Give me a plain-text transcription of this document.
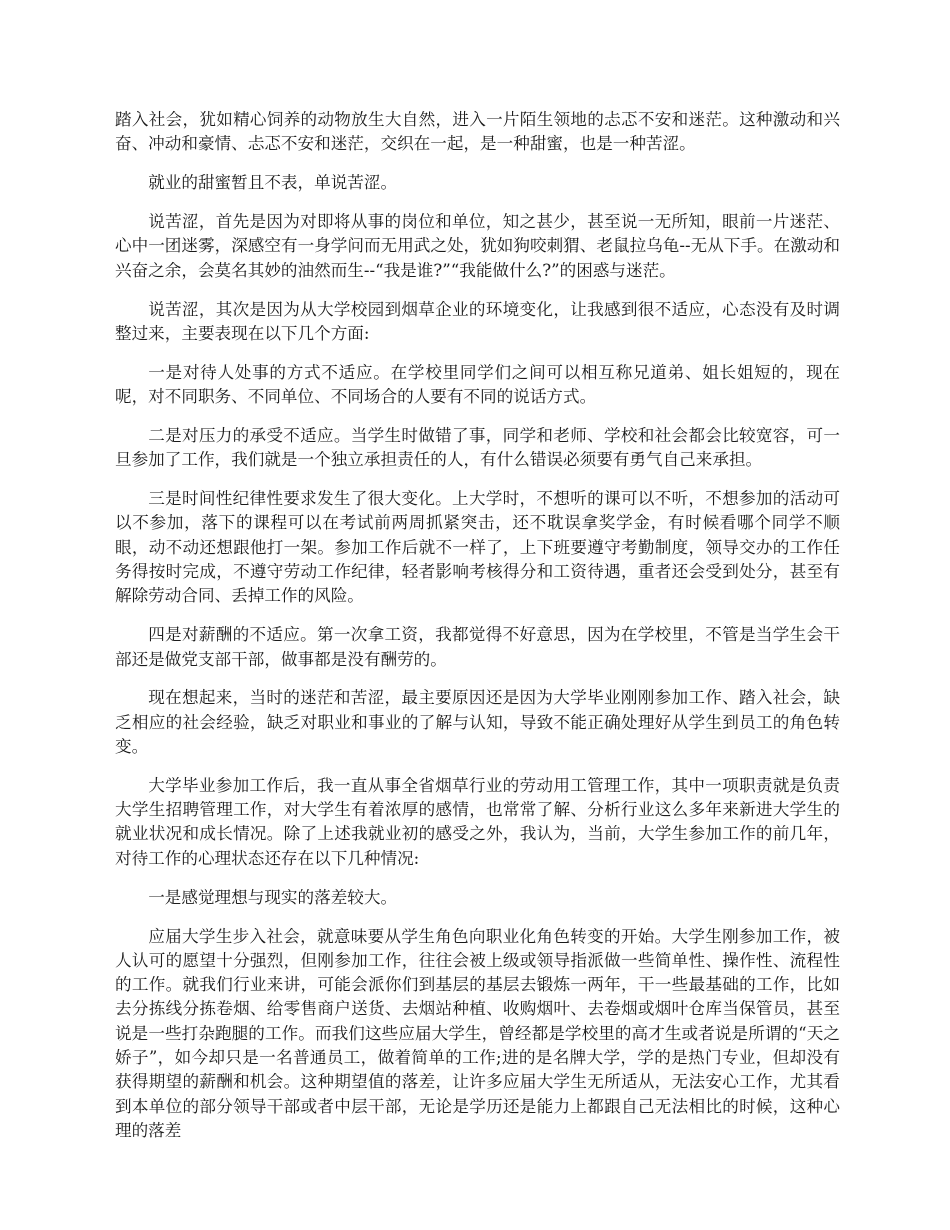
踏入社会，犹如精心饲养的动物放生大自然，进入一片陌生领地的忐忑不安和迷茫。这种激动和兴奋、冲动和豪情、忐忑不安和迷茫，交织在一起，是一种甜蜜，也是一种苦涩。

就业的甜蜜暂且不表，单说苦涩。

说苦涩，首先是因为对即将从事的岗位和单位，知之甚少，甚至说一无所知，眼前一片迷茫、心中一团迷雾，深感空有一身学问而无用武之处，犹如狗咬刺猬、老鼠拉乌龟--无从下手。在激动和兴奋之余，会莫名其妙的油然而生--“我是谁?”“我能做什么?”的困惑与迷茫。

说苦涩，其次是因为从大学校园到烟草企业的环境变化，让我感到很不适应，心态没有及时调整过来，主要表现在以下几个方面:

一是对待人处事的方式不适应。在学校里同学们之间可以相互称兄道弟、姐长姐短的，现在呢，对不同职务、不同单位、不同场合的人要有不同的说话方式。

二是对压力的承受不适应。当学生时做错了事，同学和老师、学校和社会都会比较宽容，可一旦参加了工作，我们就是一个独立承担责任的人，有什么错误必须要有勇气自己来承担。

三是时间性纪律性要求发生了很大变化。上大学时，不想听的课可以不听，不想参加的活动可以不参加，落下的课程可以在考试前两周抓紧突击，还不耽误拿奖学金，有时候看哪个同学不顺眼，动不动还想跟他打一架。参加工作后就不一样了，上下班要遵守考勤制度，领导交办的工作任务得按时完成，不遵守劳动工作纪律，轻者影响考核得分和工资待遇，重者还会受到处分，甚至有解除劳动合同、丢掉工作的风险。

四是对薪酬的不适应。第一次拿工资，我都觉得不好意思，因为在学校里，不管是当学生会干部还是做党支部干部，做事都是没有酬劳的。

现在想起来，当时的迷茫和苦涩，最主要原因还是因为大学毕业刚刚参加工作、踏入社会，缺乏相应的社会经验，缺乏对职业和事业的了解与认知，导致不能正确处理好从学生到员工的角色转变。

大学毕业参加工作后，我一直从事全省烟草行业的劳动用工管理工作，其中一项职责就是负责大学生招聘管理工作，对大学生有着浓厚的感情，也常常了解、分析行业这么多年来新进大学生的就业状况和成长情况。除了上述我就业初的感受之外，我认为，当前，大学生参加工作的前几年，对待工作的心理状态还存在以下几种情况:

一是感觉理想与现实的落差较大。

应届大学生步入社会，就意味要从学生角色向职业化角色转变的开始。大学生刚参加工作，被人认可的愿望十分强烈，但刚参加工作，往往会被上级或领导指派做一些简单性、操作性、流程性的工作。就我们行业来讲，可能会派你们到基层的基层去锻炼一两年，干一些最基础的工作，比如去分拣线分拣卷烟、给零售商户送货、去烟站种植、收购烟叶、去卷烟或烟叶仓库当保管员，甚至说是一些打杂跑腿的工作。而我们这些应届大学生，曾经都是学校里的高才生或者说是所谓的“天之娇子”，如今却只是一名普通员工，做着简单的工作;进的是名牌大学，学的是热门专业，但却没有获得期望的薪酬和机会。这种期望值的落差，让许多应届大学生无所适从，无法安心工作，尤其看到本单位的部分领导干部或者中层干部，无论是学历还是能力上都跟自己无法相比的时候，这种心理的落差
